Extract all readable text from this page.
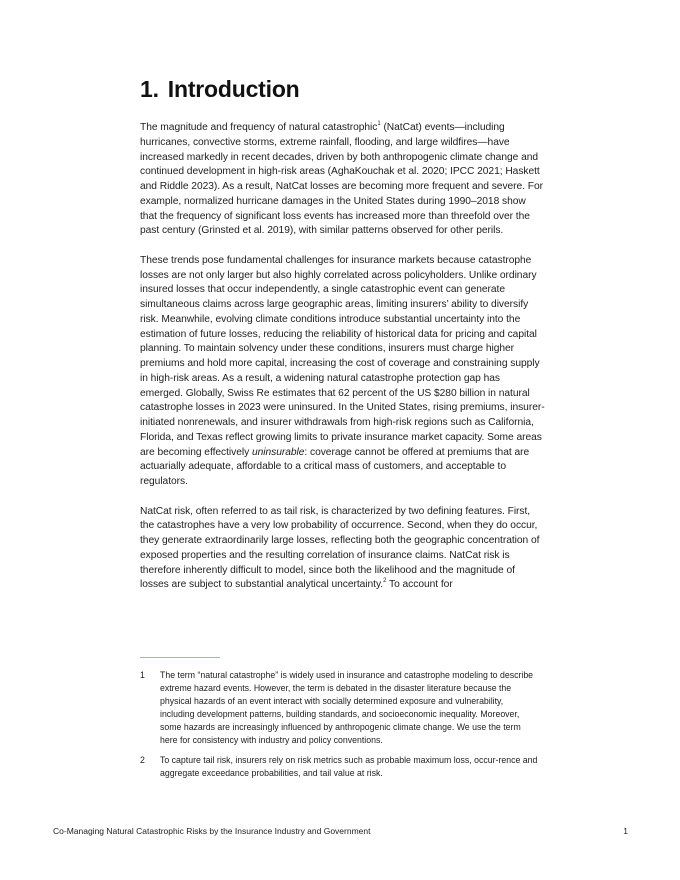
1. Introduction

The magnitude and frequency of natural catastrophic$^1$ (NatCat) events—including hurricanes, convective storms, extreme rainfall, flooding, and large wildfires—have increased markedly in recent decades, driven by both anthropogenic climate change and continued development in high-risk areas (AghaKouchak et al. 2020; IPCC 2021; Haskett and Riddle 2023). As a result, NatCat losses are becoming more frequent and severe. For example, normalized hurricane damages in the United States during 1990–2018 show that the frequency of significant loss events has increased more than threefold over the past century (Grinsted et al. 2019), with similar patterns observed for other perils.

These trends pose fundamental challenges for insurance markets because catastrophe losses are not only larger but also highly correlated across policyholders. Unlike ordinary insured losses that occur independently, a single catastrophic event can generate simultaneous claims across large geographic areas, limiting insurers’ ability to diversify risk. Meanwhile, evolving climate conditions introduce substantial uncertainty into the estimation of future losses, reducing the reliability of historical data for pricing and capital planning. To maintain solvency under these conditions, insurers must charge higher premiums and hold more capital, increasing the cost of coverage and constraining supply in high-risk areas. As a result, a widening natural catastrophe protection gap has emerged. Globally, Swiss Re estimates that 62 percent of the US $280 billion in natural catastrophe losses in 2023 were uninsured. In the United States, rising premiums, insurer-initiated nonrenewals, and insurer withdrawals from high-risk regions such as California, Florida, and Texas reflect growing limits to private insurance market capacity. Some areas are becoming effectively uninsurable: coverage cannot be offered at premiums that are actuarially adequate, affordable to a critical mass of customers, and acceptable to regulators.

NatCat risk, often referred to as tail risk, is characterized by two defining features. First, the catastrophes have a very low probability of occurrence. Second, when they do occur, they generate extraordinarily large losses, reflecting both the geographic concentration of exposed properties and the resulting correlation of insurance claims. NatCat risk is therefore inherently difficult to model, since both the likelihood and the magnitude of losses are subject to substantial analytical uncertainty.$^2$ To account for

1	The term “natural catastrophe” is widely used in insurance and catastrophe modeling to describe extreme hazard events. However, the term is debated in the disaster literature because the physical hazards of an event interact with socially determined exposure and vulnerability, including development patterns, building standards, and socioeconomic inequality. Moreover, some hazards are increasingly influenced by anthropogenic climate change. We use the term here for consistency with industry and policy conventions.
2	To capture tail risk, insurers rely on risk metrics such as probable maximum loss, occur-rence and aggregate exceedance probabilities, and tail value at risk.
Co-Managing Natural Catastrophic Risks by the Insurance Industry and Government	1
